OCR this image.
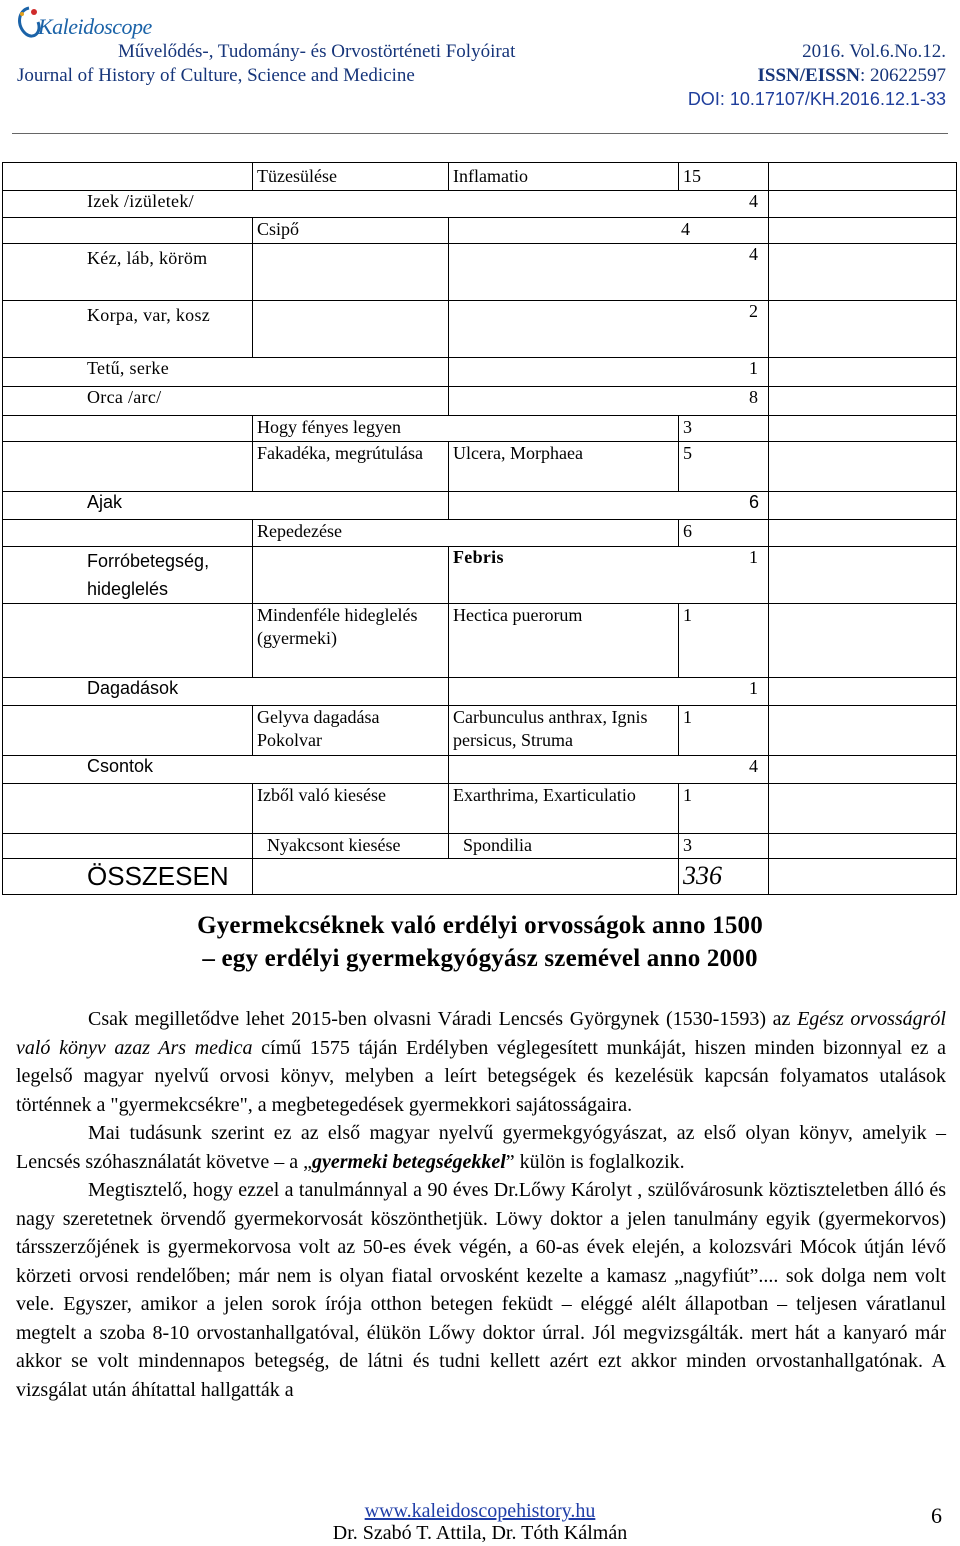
Kaleidoscope
Művelődés-, Tudomány- és Orvostörténeti Folyóirat
Journal of History of Culture, Science and Medicine
2016. Vol.6.No.12.
ISSN/EISSN: 20622597
DOI: 10.17107/KH.2016.12.1-33
	Tüzesülése	Inflamatio	15	
Izek /izületek/				4

	Csipő	4		
Kéz, láb, köröm				4

Korpa, var, kosz				2

Tetű, serke				1

Orca /arc/				8

	Hogy fényes legyen		3	
	Fakadéka, megrútulása	Ulcera, Morphaea	5	
Ajak				6

	Repedezése		6	
Forróbetegség, hideglelés		Febris		1

	Mindenféle hideglelés (gyermeki)	Hectica puerorum	1	
Dagadások				1

	Gelyva dagadása Pokolvar	Carbunculus anthrax, Ignis persicus, Struma	1	
Csontok				4

	Izből való kiesése	Exarthrima, Exarticulatio	1	
	Nyakcsont kiesése	Spondilia	3	
ÖSSZESEN			336	
Gyermekcséknek való erdélyi orvosságok anno 1500
– egy erdélyi gyermekgyógyász szemével anno 2000

Csak megilletődve lehet 2015-ben olvasni Váradi Lencsés Györgynek (1530-1593) az Egész orvosságról való könyv azaz Ars medica című 1575 táján Erdélyben véglegesített munkáját, hiszen minden bizonnyal ez a legelső magyar nyelvű orvosi könyv, melyben a leírt betegségek és kezelésük kapcsán folyamatos utalások történnek a "gyermekcsékre", a megbetegedések gyermekkori sajátosságaira.

Mai tudásunk szerint ez az első magyar nyelvű gyermekgyógyászat, az első olyan könyv, amelyik – Lencsés szóhasználatát követve – a „gyermeki betegségekkel” külön is foglalkozik.

Megtisztelő, hogy ezzel a tanulmánnyal a 90 éves Dr.Lőwy Károlyt , szülővárosunk köztiszteletben álló és nagy szeretetnek örvendő gyermekorvosát köszönthetjük. Löwy doktor a jelen tanulmány egyik (gyermekorvos) társszerzőjének is gyermekorvosa volt az 50-es évek végén, a 60-as évek elején, a kolozsvári Mócok útján lévő körzeti orvosi rendelőben; már nem is olyan fiatal orvosként kezelte a kamasz „nagyfiút”.... sok dolga nem volt vele. Egyszer, amikor a jelen sorok írója otthon betegen feküdt – eléggé alélt állapotban – teljesen váratlanul megtelt a szoba 8-10 orvostanhallgatóval, élükön Lőwy doktor úrral. Jól megvizsgálták. mert hát a kanyaró már akkor se volt mindennapos betegség, de látni és tudni kellett azért ezt akkor minden orvostanhallgatónak. A vizsgálat után áhítattal hallgatták a

www.kaleidoscopehistory.hu
Dr. Szabó T. Attila, Dr. Tóth Kálmán
6
